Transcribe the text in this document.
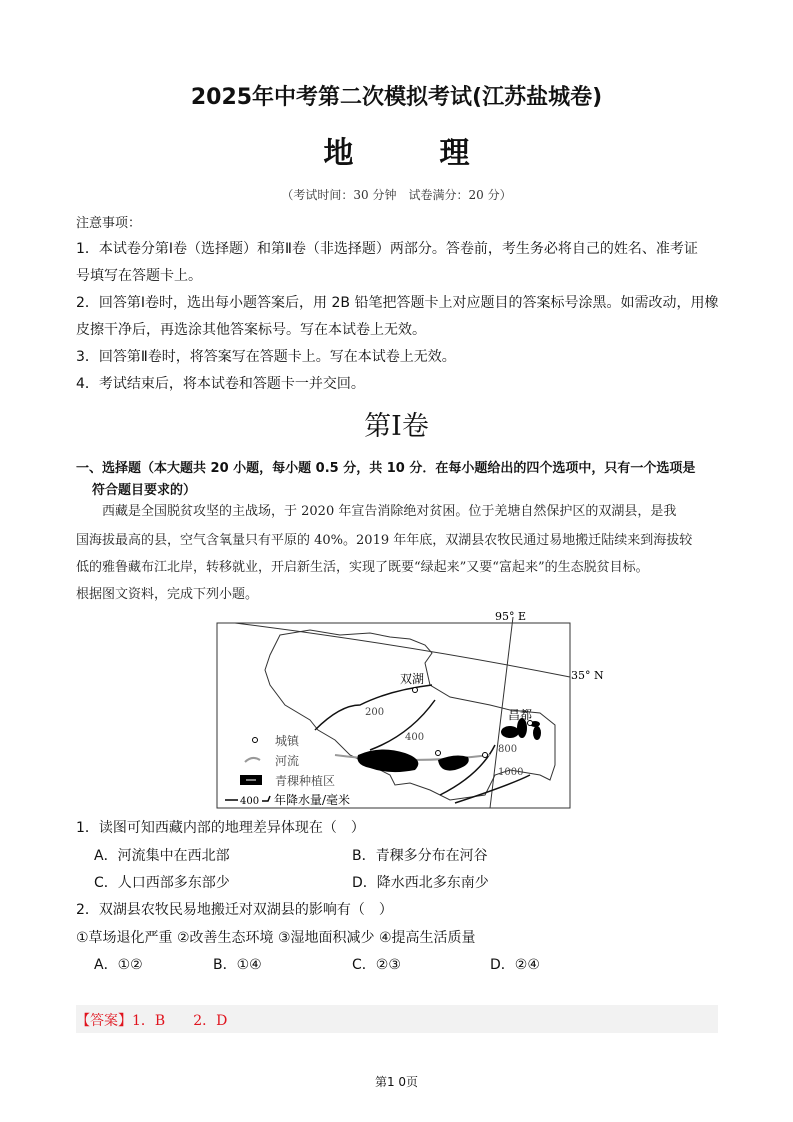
2025年中考第二次模拟考试(江苏盐城卷)
地　理
（考试时间：30 分钟　试卷满分：20 分）
注意事项：
1．本试卷分第Ⅰ卷（选择题）和第Ⅱ卷（非选择题）两部分。答卷前，考生务必将自己的姓名、准考证
号填写在答题卡上。
2．回答第Ⅰ卷时，选出每小题答案后，用 2B 铅笔把答题卡上对应题目的答案标号涂黑。如需改动，用橡
皮擦干净后，再选涂其他答案标号。写在本试卷上无效。
3．回答第Ⅱ卷时，将答案写在答题卡上。写在本试卷上无效。
4．考试结束后，将本试卷和答题卡一并交回。
第Ⅰ卷
一、选择题（本大题共 20 小题，每小题 0.5 分，共 10 分．在每小题给出的四个选项中，只有一个选项是
符合题目要求的）
　　西藏是全国脱贫攻坚的主战场，于 2020 年宣告消除绝对贫困。位于羌塘自然保护区的双湖县，是我
国海拔最高的县，空气含氧量只有平原的 40%。2019 年年底，双湖县农牧民通过易地搬迁陆续来到海拔较
低的雅鲁藏布江北岸，转移就业，开启新生活，实现了既要“绿起来”又要“富起来”的生态脱贫目标。
根据图文资料，完成下列小题。
95° E
35° N
双湖
昌都
200
400
800
1000
城镇
河流
青稞种植区
400 年降水量/毫米
1．读图可知西藏内部的地理差异体现在（　）
A．河流集中在西北部	B．青稞多分布在河谷
C．人口西部多东部少	D．降水西北多东南少
2．双湖县农牧民易地搬迁对双湖县的影响有（　）
①草场退化严重 ②改善生态环境 ③湿地面积减少 ④提高生活质量
A．①②	B．①④	C．②③	D．②④
【答案】1．B　　2．D
第1 0页
